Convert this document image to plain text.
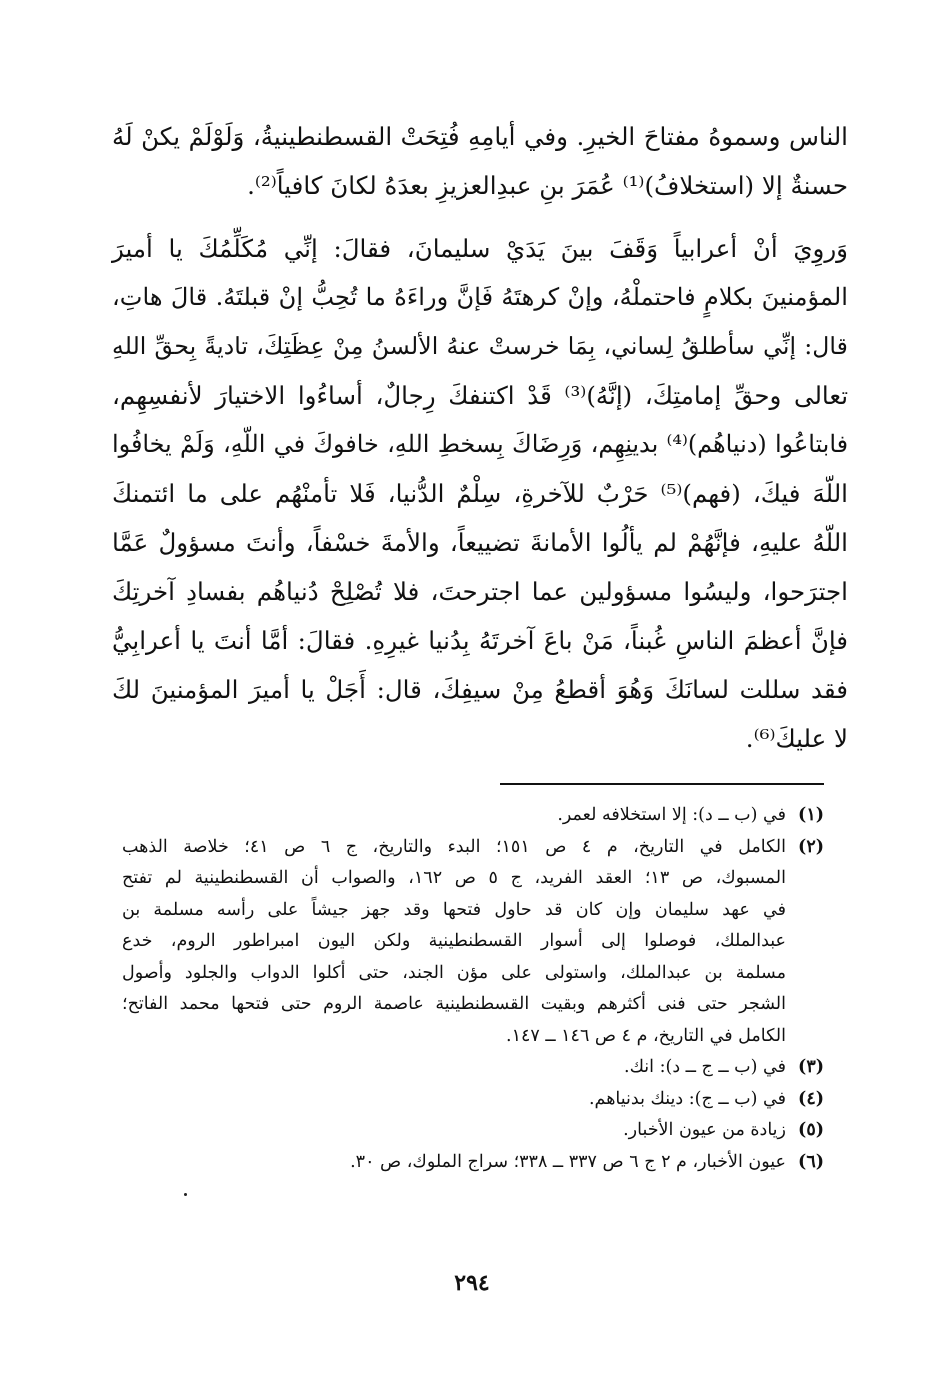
الناس وسموهُ مفتاحَ الخيرِ. وفي أيامِهِ فُتِحَتْ القسطنطينيةُ، وَلَوْلَمْ يكنْ لَهُ
حسنةٌ إلا (استخلافُ)⁽¹⁾ عُمَرَ بنِ عبدِالعزيزِ بعدَهُ لكانَ كافياً⁽²⁾.
وَروِيَ أنْ أعرابياً وَقَفَ بينَ يَدَيْ سليمانَ، فقالَ: إنِّي مُكَلِّمُكَ يا أميرَ
المؤمنينَ بكلامٍ فاحتملْهُ، وإنْ كرهتَهُ فَإنَّ وراءَهُ ما تُحِبُّ إنْ قبلتَهُ. قالَ هاتِ،
قال: إنِّي سأطلقُ لِساني، بِمَا خرستْ عنهُ الألسنُ مِنْ عِظَتِكَ، تاديةً بِحقِّ اللهِ
تعالى وحقِّ إمامتِكَ، (إنَّهُ)⁽³⁾ قَدْ اكتنفكَ رِجالٌ، أساءُوا الاختيارَ لأنفسِهِم،
فابتاعُوا (دنياهُم)⁽⁴⁾ بدينِهِم، وَرِضَاكَ بِسخطِ اللهِ، خافوكَ في اللّهِ، وَلَمْ يخافُوا
اللّهَ فيكَ، (فهم)⁽⁵⁾ حَرْبٌ للآخرةِ، سِلْمٌ الدُّنيا، فَلا تأمنْهُم على ما ائتمنكَ
اللّهُ عليهِ، فإنَّهُمْ لم يألُوا الأمانةَ تضييعاً، والأمةَ خسْفاً، وأنتَ مسؤولٌ عَمَّا
اجترَحوا، وليسُوا مسؤولين عما اجترحتَ، فلا تُصْلِحْ دُنياهُم بفسادِ آخرتِكَ
فإنَّ أعظمَ الناسِ غُبناً، مَنْ باعَ آخرتَهُ بِدُنيا غيرِهِ. فقالَ: أمَّا أنتَ يا أعرابِيُّ
فقد سللت لسانَكَ وَهُوَ أقطعُ مِنْ سيفِكَ، قال: أَجَلْ يا أميرَ المؤمنينَ لكَ
لا عليكَ⁽⁶⁾.
(١)
في (ب ــ د): إلا استخلافه لعمر.
(٢)
الكامل في التاريخ، م ٤ ص ١٥١؛ البدء والتاريخ، ج ٦ ص ٤١؛ خلاصة الذهب
المسبوك، ص ١٣؛ العقد الفريد، ج ٥ ص ١٦٢، والصواب أن القسطنطينية لم تفتح
في عهد سليمان وإن كان قد حاول فتحها وقد جهز جيشاً على رأسه مسلمة بن
عبدالملك، فوصلوا إلى أسوار القسطنطينية ولكن اليون امبراطور الروم، خدع
مسلمة بن عبدالملك، واستولى على مؤن الجند، حتى أكلوا الدواب والجلود وأصول
الشجر حتى فنى أكثرهم وبقيت القسطنطينية عاصمة الروم حتى فتحها محمد الفاتح؛
الكامل في التاريخ، م ٤ ص ١٤٦ ــ ١٤٧.
(٣)
في (ب ــ ج ــ د): انك.
(٤)
في (ب ــ ج): دينك بدنياهم.
(٥)
زيادة من عيون الأخبار.
(٦)
عيون الأخبار، م ٢ ج ٦ ص ٣٣٧ ــ ٣٣٨؛ سراج الملوك، ص ٣٠.
٢٩٤
